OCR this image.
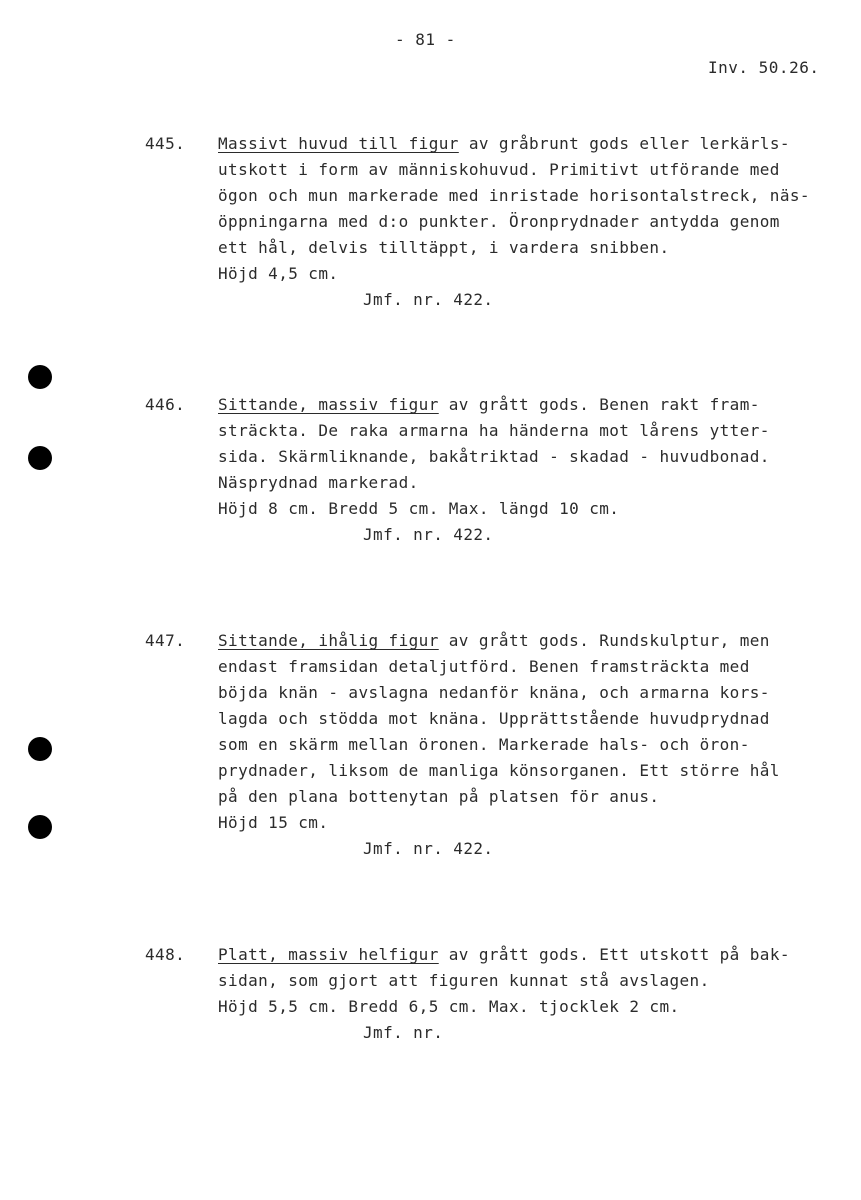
- 81 -
Inv. 50.26.
445.	Massivt huvud till figur av gråbrunt gods eller lerkärls-
utskott i form av människohuvud. Primitivt utförande med
ögon och mun markerade med inristade horisontalstreck, näs-
öppningarna med d:o punkter. Öronprydnader antydda genom
ett hål, delvis tilltäppt, i vardera snibben.
Höjd 4,5 cm.
Jmf. nr. 422.
446.	Sittande, massiv figur av grått gods. Benen rakt fram-
sträckta. De raka armarna ha händerna mot lårens ytter-
sida. Skärmliknande, bakåtriktad - skadad - huvudbonad.
Näsprydnad markerad.
Höjd 8 cm. Bredd 5 cm. Max. längd 10 cm.
Jmf. nr. 422.
447.	Sittande, ihålig figur av grått gods. Rundskulptur, men
endast framsidan detaljutförd. Benen framsträckta med
böjda knän - avslagna nedanför knäna, och armarna kors-
lagda och stödda mot knäna. Upprättstående huvudprydnad
som en skärm mellan öronen. Markerade hals- och öron-
prydnader, liksom de manliga könsorganen. Ett större hål
på den plana bottenytan på platsen för anus.
Höjd 15 cm.
Jmf. nr. 422.
448.	Platt, massiv helfigur av grått gods. Ett utskott på bak-
sidan, som gjort att figuren kunnat stå avslagen.
Höjd 5,5 cm. Bredd 6,5 cm. Max. tjocklek 2 cm.
Jmf. nr.
